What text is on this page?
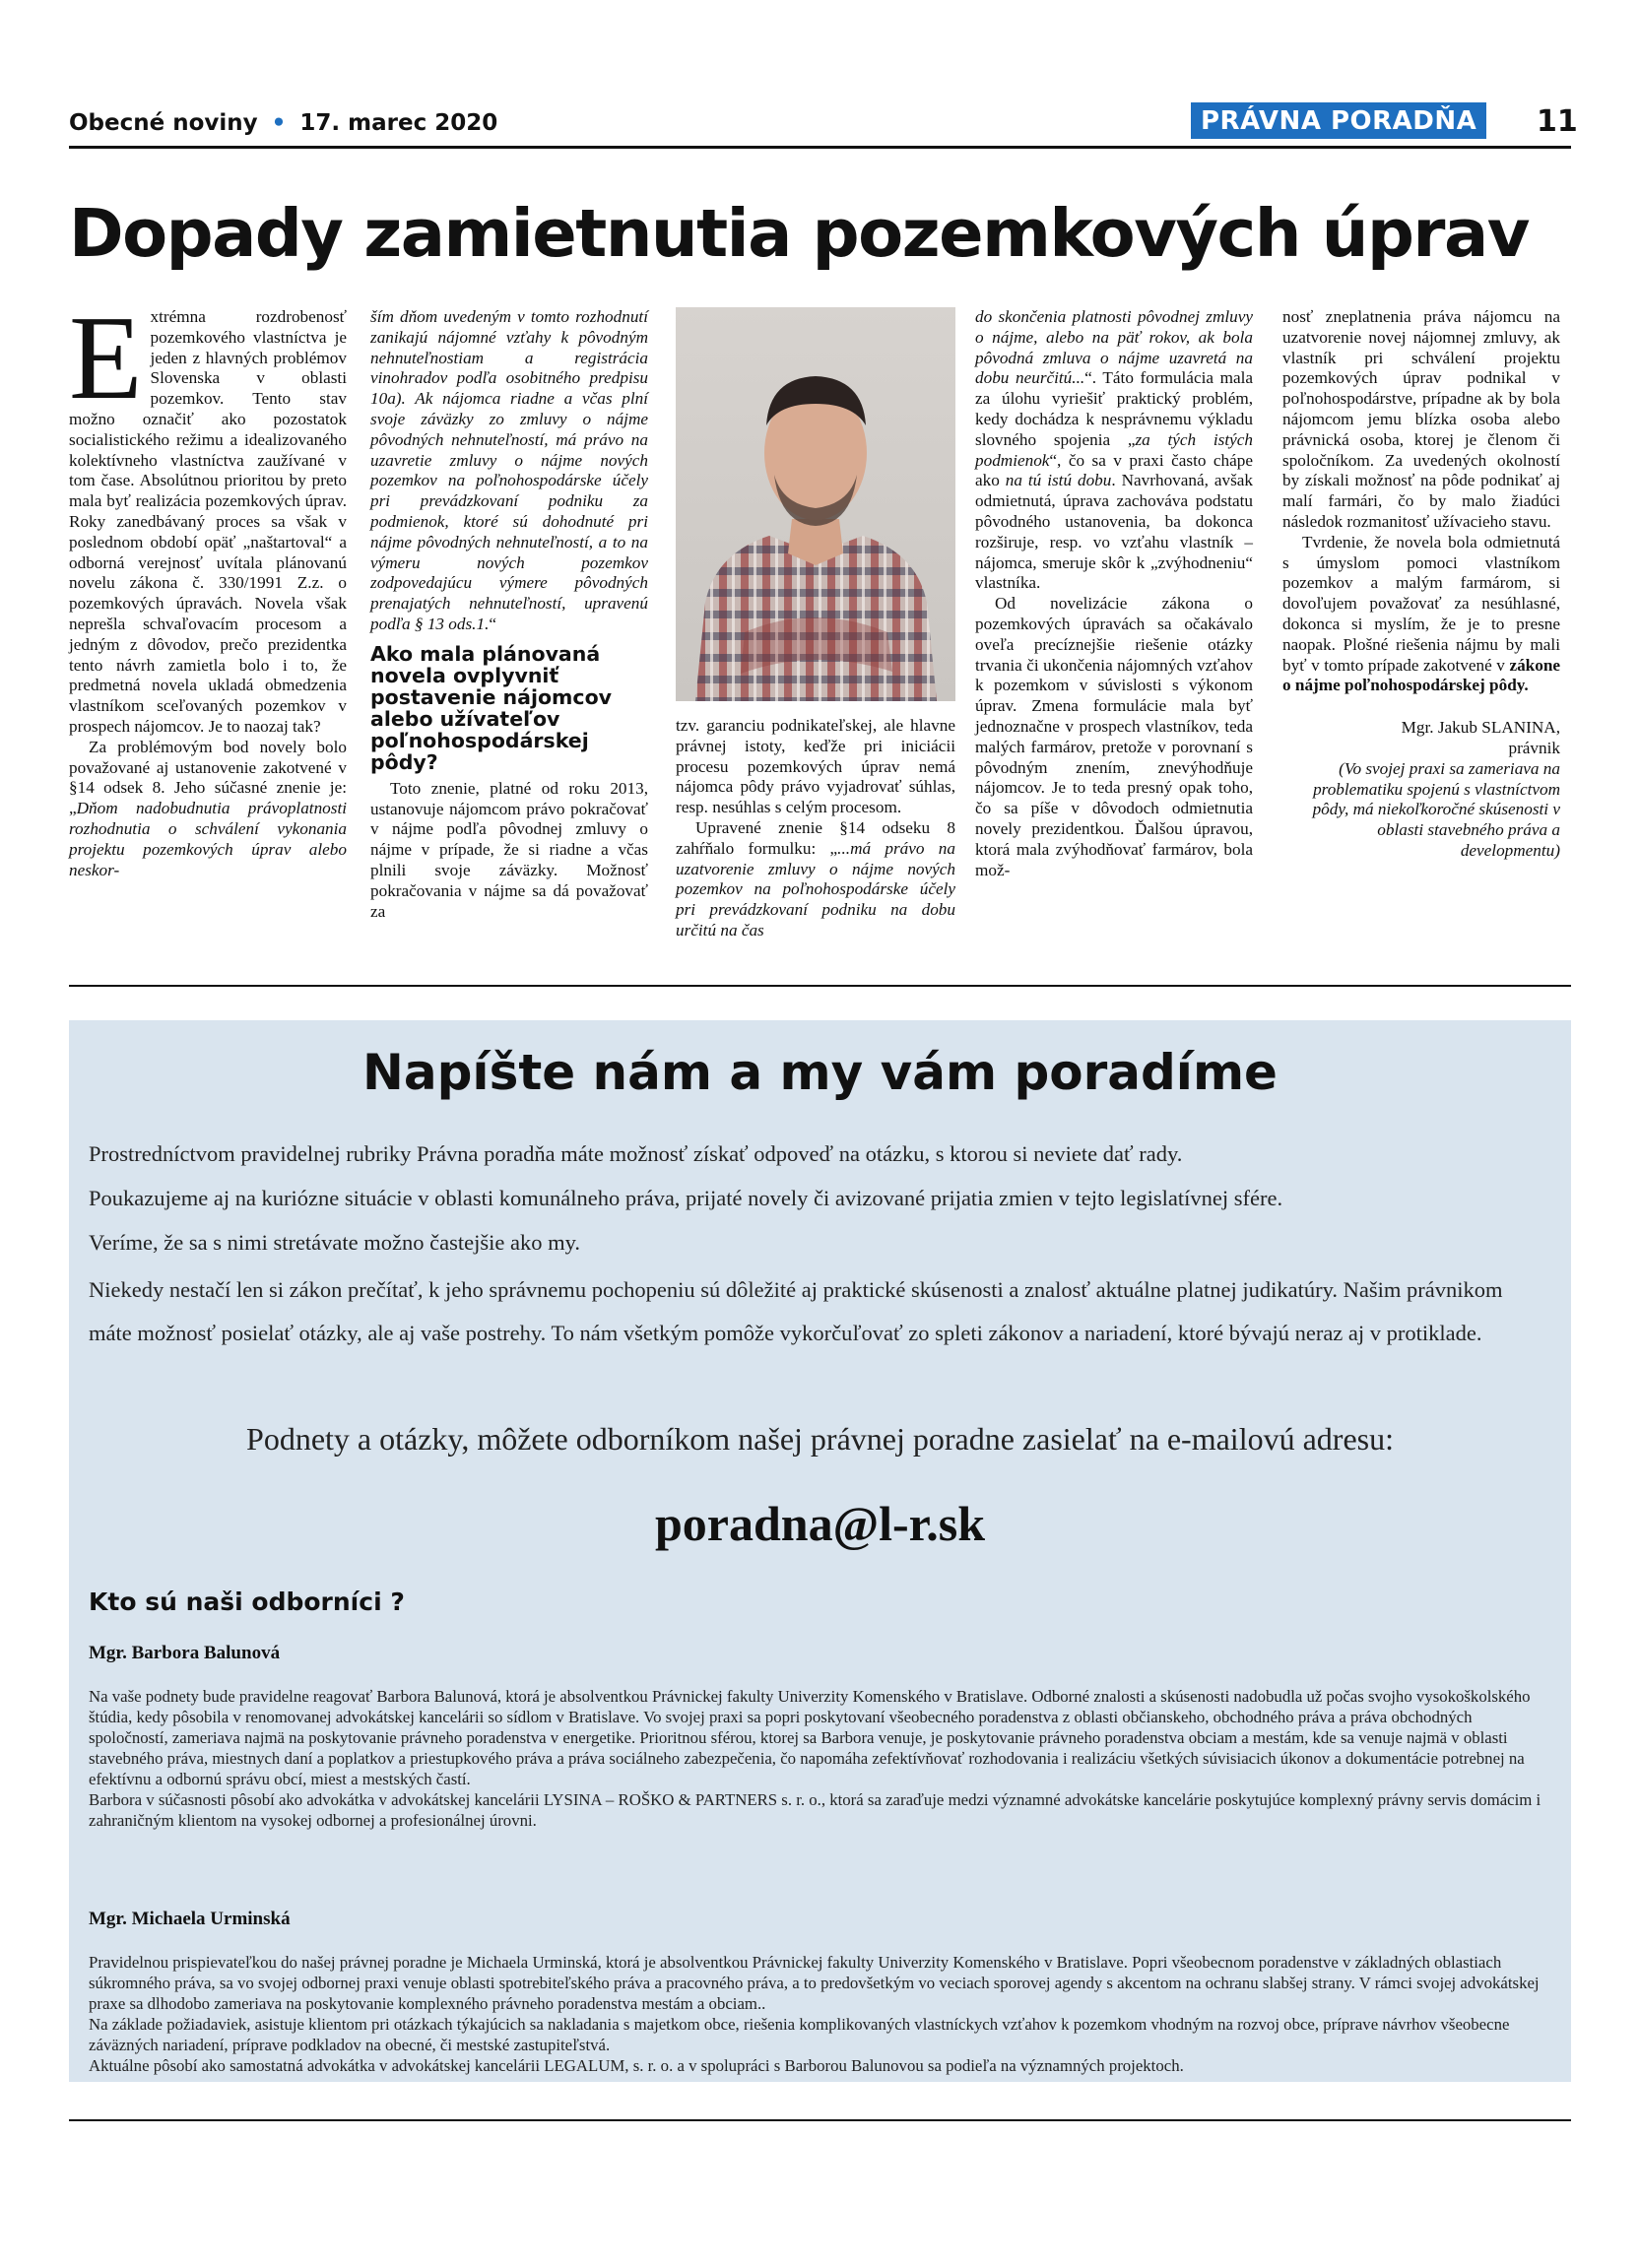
Obecné noviny • 17. marec 2020	PRÁVNA PORADŇA	11
Dopady zamietnutia pozemkových úprav

Extrémna rozdrobenosť pozemkového vlastníctva je jeden z hlavných problémov Slovenska v oblasti pozemkov. Tento stav možno označiť ako pozostatok socialistického režimu a idealizovaného kolektívneho vlastníctva zaužívané v tom čase. Absolútnou prioritou by preto mala byť realizácia pozemkových úprav. Roky zanedbávaný proces sa však v poslednom období opäť „naštartoval“ a odborná verejnosť uvítala plánovanú novelu zákona č. 330/1991 Z.z. o pozemkových úpravách. Novela však neprešla schvaľovacím procesom a jedným z dôvodov, prečo prezidentka tento návrh zamietla bolo i to, že predmetná novela ukladá obmedzenia vlastníkom sceľovaných pozemkov v prospech nájomcov. Je to naozaj tak?

Za problémovým bod novely bolo považované aj ustanovenie zakotvené v §14 odsek 8. Jeho súčasné znenie je: „Dňom nadobudnutia právoplatnosti rozhodnutia o schválení vykonania projektu pozemkových úprav alebo neskor-

ším dňom uvedeným v tomto rozhodnutí zanikajú nájomné vzťahy k pôvodným nehnuteľnostiam a registrácia vinohradov podľa osobitného predpisu 10a). Ak nájomca riadne a včas plní svoje záväzky zo zmluvy o nájme pôvodných nehnuteľností, má právo na uzavretie zmluvy o nájme nových pozemkov na poľnohospodárske účely pri prevádzkovaní podniku za podmienok, ktoré sú dohodnuté pri nájme pôvodných nehnuteľností, a to na výmeru nových pozemkov zodpovedajúcu výmere pôvodných prenajatých nehnuteľností, upravenú podľa § 13 ods.1.“

Ako mala plánovaná novela ovplyvniť postavenie nájomcov alebo užívateľov poľnohospodárskej pôdy?

Toto znenie, platné od roku 2013, ustanovuje nájomcom právo pokračovať v nájme podľa pôvodnej zmluvy o nájme v prípade, že si riadne a včas plnili svoje záväzky. Možnosť pokračovania v nájme sa dá považovať za

tzv. garanciu podnikateľskej, ale hlavne právnej istoty, keďže pri iniciácii procesu pozemkových úprav nemá nájomca pôdy právo vyjadrovať súhlas, resp. nesúhlas s celým procesom.

Upravené znenie §14 odseku 8 zahŕňalo formulku: „...má právo na uzatvorenie zmluvy o nájme nových pozemkov na poľnohospodárske účely pri prevádzkovaní podniku na dobu určitú na čas

do skončenia platnosti pôvodnej zmluvy o nájme, alebo na päť rokov, ak bola pôvodná zmluva o nájme uzavretá na dobu neurčitú...“. Táto formulácia mala za úlohu vyriešiť praktický problém, kedy dochádza k nesprávnemu výkladu slovného spojenia „za tých istých podmienok“, čo sa v praxi často chápe ako na tú istú dobu. Navrhovaná, avšak odmietnutá, úprava zachováva podstatu pôvodného ustanovenia, ba dokonca rozširuje, resp. vo vzťahu vlastník – nájomca, smeruje skôr k „zvýhodneniu“ vlastníka.

Od novelizácie zákona o pozemkových úpravách sa očakávalo oveľa precíznejšie riešenie otázky trvania či ukončenia nájomných vzťahov k pozemkom v súvislosti s výkonom úprav. Zmena formulácie mala byť jednoznačne v prospech vlastníkov, teda malých farmárov, pretože v porovnaní s pôvodným znením, znevýhodňuje nájomcov. Je to teda presný opak toho, čo sa píše v dôvodoch odmietnutia novely prezidentkou. Ďalšou úpravou, ktorá mala zvýhodňovať farmárov, bola mož-

nosť zneplatnenia práva nájomcu na uzatvorenie novej nájomnej zmluvy, ak vlastník pri schválení projektu pozemkových úprav podnikal v poľnohospodárstve, prípadne ak by bola nájomcom jemu blízka osoba alebo právnická osoba, ktorej je členom či spoločníkom. Za uvedených okolností by získali možnosť na pôde podnikať aj malí farmári, čo by malo žiadúci následok rozmanitosť užívacieho stavu.

Tvrdenie, že novela bola odmietnutá s úmyslom pomoci vlastníkom pozemkov a malým farmárom, si dovoľujem považovať za nesúhlasné, dokonca si myslím, že je to presne naopak. Plošné riešenia nájmu by mali byť v tomto prípade zakotvené v zákone o nájme poľnohospodárskej pôdy.

Mgr. Jakub SLANINA,
právnik
(Vo svojej praxi sa zameriava na problematiku spojenú s vlastníctvom pôdy, má niekoľkoročné skúsenosti v oblasti stavebného práva a developmentu)
Napíšte nám a my vám poradíme
Prostredníctvom pravidelnej rubriky Právna poradňa máte možnosť získať odpoveď na otázku, s ktorou si neviete dať rady.
Poukazujeme aj na kuriózne situácie v oblasti komunálneho práva, prijaté novely či avizované prijatia zmien v tejto legislatívnej sfére.
Veríme, že sa s nimi stretávate možno častejšie ako my.
Niekedy nestačí len si zákon prečítať, k jeho správnemu pochopeniu sú dôležité aj praktické skúsenosti a znalosť aktuálne platnej judikatúry. Našim právnikom máte možnosť posielať otázky, ale aj vaše postrehy. To nám všetkým pomôže vykorčuľovať zo spleti zákonov a nariadení, ktoré bývajú neraz aj v protiklade.
Podnety a otázky, môžete odborníkom našej právnej poradne zasielať na e-mailovú adresu:
poradna@l-r.sk
Kto sú naši odborníci ?
Mgr. Barbora Balunová
Na vaše podnety bude pravidelne reagovať Barbora Balunová, ktorá je absolventkou Právnickej fakulty Univerzity Komenského v Bratislave. Odborné znalosti a skúsenosti nadobudla už počas svojho vysokoškolského štúdia, kedy pôsobila v renomovanej advokátskej kancelárii so sídlom v Bratislave. Vo svojej praxi sa popri poskytovaní všeobecného poradenstva z oblasti občianskeho, obchodného práva a práva obchodných spoločností, zameriava najmä na poskytovanie právneho poradenstva v energetike. Prioritnou sférou, ktorej sa Barbora venuje, je poskytovanie právneho poradenstva obciam a mestám, kde sa venuje najmä v oblasti stavebného práva, miestnych daní a poplatkov a priestupkového práva a práva sociálneho zabezpečenia, čo napomáha zefektívňovať rozhodovania i realizáciu všetkých súvisiacich úkonov a dokumentácie potrebnej na efektívnu a odbornú správu obcí, miest a mestských častí.
Barbora v súčasnosti pôsobí ako advokátka v advokátskej kancelárii LYSINA – ROŠKO & PARTNERS s. r. o., ktorá sa zaraďuje medzi významné advokátske kancelárie poskytujúce komplexný právny servis domácim i zahraničným klientom na vysokej odbornej a profesionálnej úrovni.
Mgr. Michaela Urminská
Pravidelnou prispievateľkou do našej právnej poradne je Michaela Urminská, ktorá je absolventkou Právnickej fakulty Univerzity Komenského v Bratislave. Popri všeobecnom poradenstve v základných oblastiach súkromného práva, sa vo svojej odbornej praxi venuje oblasti spotrebiteľského práva a pracovného práva, a to predovšetkým vo veciach sporovej agendy s akcentom na ochranu slabšej strany. V rámci svojej advokátskej praxe sa dlhodobo zameriava na poskytovanie komplexného právneho poradenstva mestám a obciam..
Na základe požiadaviek, asistuje klientom pri otázkach týkajúcich sa nakladania s majetkom obce, riešenia komplikovaných vlastníckych vzťahov k pozemkom vhodným na rozvoj obce, príprave návrhov všeobecne záväzných nariadení, príprave podkladov na obecné, či mestské zastupiteľstvá.
Aktuálne pôsobí ako samostatná advokátka v advokátskej kancelárii LEGALUM, s. r. o. a v spolupráci s Barborou Balunovou sa podieľa na významných projektoch.
